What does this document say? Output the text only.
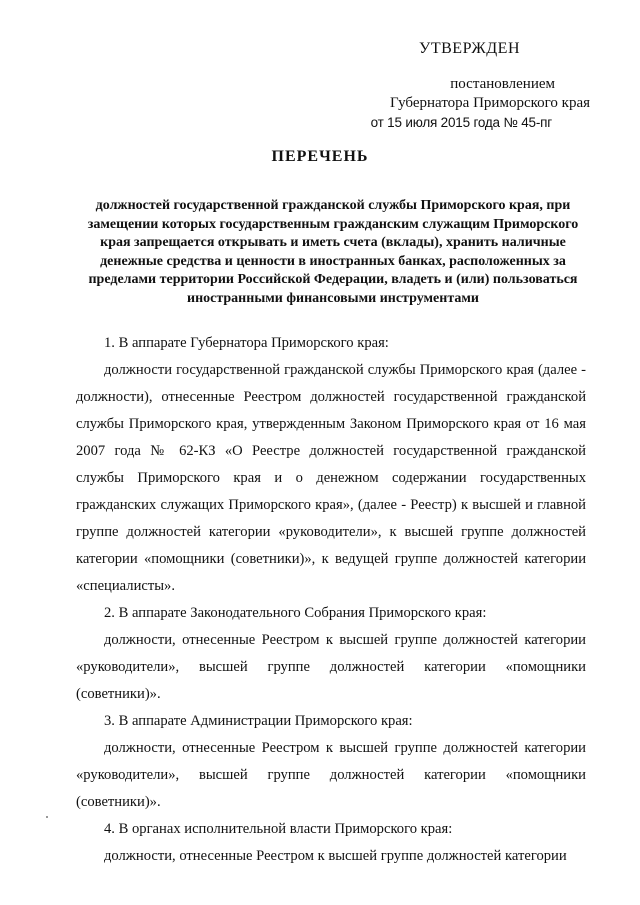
УТВЕРЖДЕН
постановлением
Губернатора Приморского края
от 15 июля 2015 года № 45-пг
ПЕРЕЧЕНЬ
должностей государственной гражданской службы Приморского края, при замещении которых государственным гражданским служащим Приморского края запрещается открывать и иметь счета (вклады), хранить наличные денежные средства и ценности в иностранных банках, расположенных за пределами территории Российской Федерации, владеть и (или) пользоваться иностранными финансовыми инструментами

1. В аппарате Губернатора Приморского края:

должности государственной гражданской службы Приморского края (далее - должности), отнесенные Реестром должностей государственной гражданской службы Приморского края, утвержденным Законом Приморского края от 16 мая 2007 года № 62-КЗ «О Реестре должностей государственной гражданской службы Приморского края и о денежном содержании государственных гражданских служащих Приморского края», (далее - Реестр) к высшей и главной группе должностей категории «руководители», к высшей группе должностей категории «помощники (советники)», к ведущей группе должностей категории «специалисты».

2. В аппарате Законодательного Собрания Приморского края:

должности, отнесенные Реестром к высшей группе должностей категории «руководители», высшей группе должностей категории «помощники (советники)».

3. В аппарате Администрации Приморского края:

должности, отнесенные Реестром к высшей группе должностей категории «руководители», высшей группе должностей категории «помощники (советники)».

4. В органах исполнительной власти Приморского края:

должности, отнесенные Реестром к высшей группе должностей категории
